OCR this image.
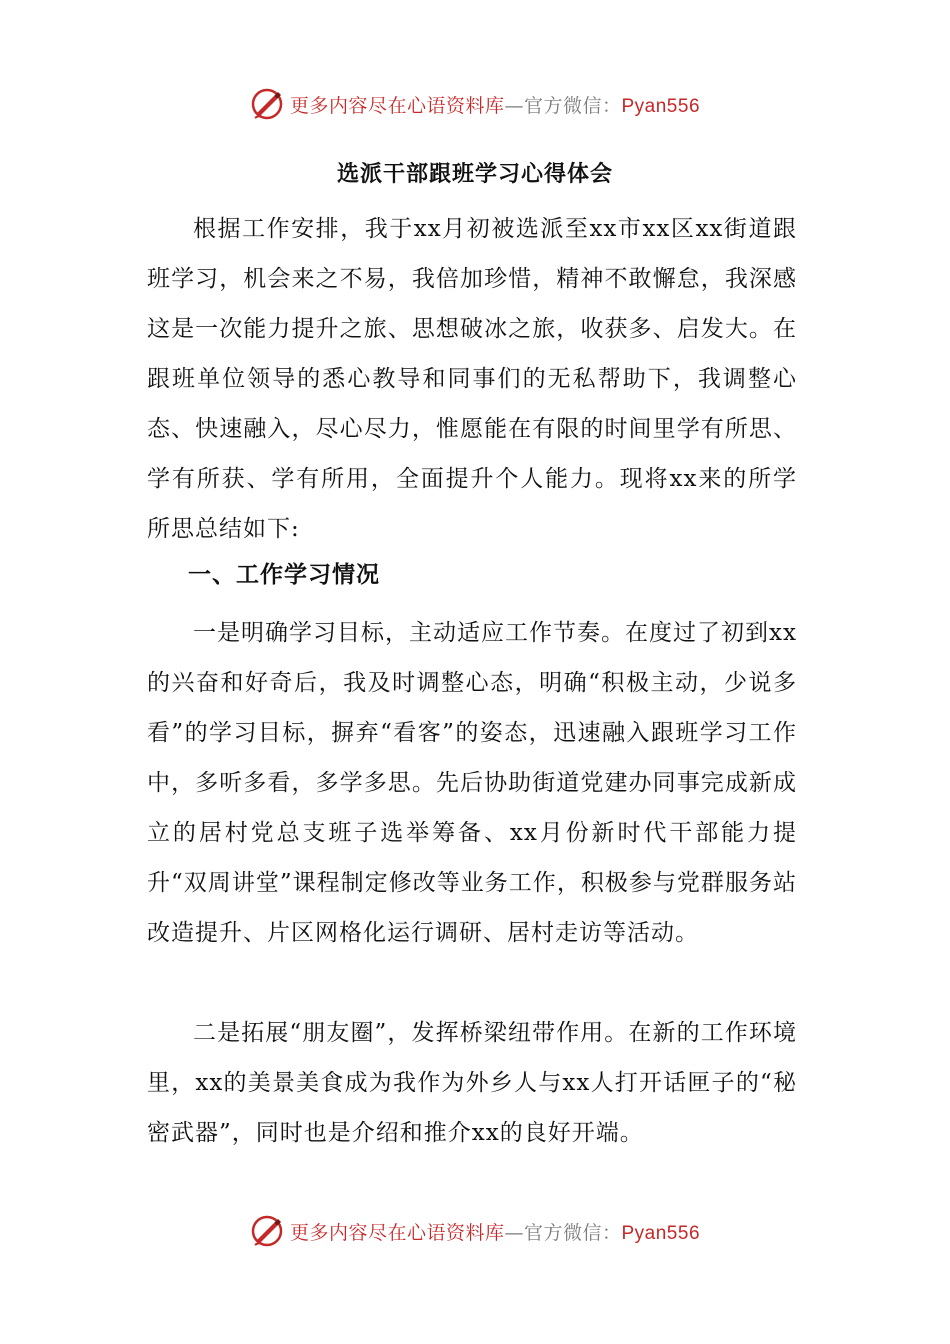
更多内容尽在心语资料库—官方微信：Pyan556
选派干部跟班学习心得体会

根据工作安排，我于xx月初被选派至xx市xx区xx街道跟班学习，机会来之不易，我倍加珍惜，精神不敢懈怠，我深感这是一次能力提升之旅、思想破冰之旅，收获多、启发大。在跟班单位领导的悉心教导和同事们的无私帮助下，我调整心态、快速融入，尽心尽力，惟愿能在有限的时间里学有所思、学有所获、学有所用，全面提升个人能力。现将xx来的所学所思总结如下:

一、工作学习情况

一是明确学习目标，主动适应工作节奏。在度过了初到xx的兴奋和好奇后，我及时调整心态，明确“积极主动，少说多看”的学习目标，摒弃“看客”的姿态，迅速融入跟班学习工作中，多听多看，多学多思。先后协助街道党建办同事完成新成立的居村党总支班子选举筹备、xx月份新时代干部能力提升“双周讲堂”课程制定修改等业务工作，积极参与党群服务站改造提升、片区网格化运行调研、居村走访等活动。

二是拓展“朋友圈”，发挥桥梁纽带作用。在新的工作环境里，xx的美景美食成为我作为外乡人与xx人打开话匣子的“秘密武器”，同时也是介绍和推介xx的良好开端。

更多内容尽在心语资料库—官方微信：Pyan556
